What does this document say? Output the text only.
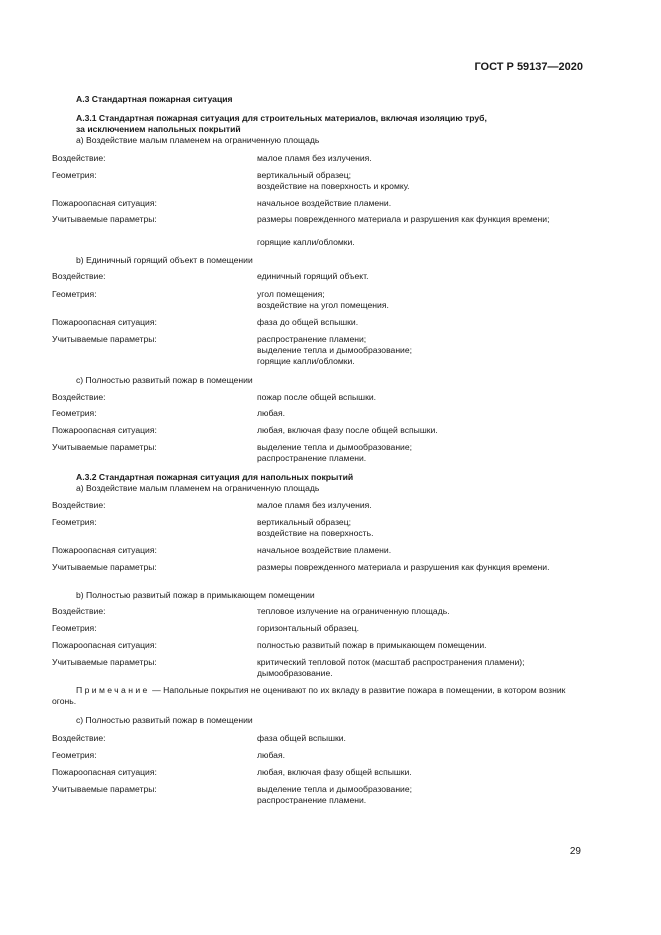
ГОСТ Р 59137—2020
А.3 Стандартная пожарная ситуация
А.3.1 Стандартная пожарная ситуация для строительных материалов, включая изоляцию труб,
за исключением напольных покрытий
а) Воздействие малым пламенем на ограниченную площадь
Воздействие:	малое пламя без излучения.
Геометрия:	вертикальный образец;
воздействие на поверхность и кромку.
Пожароопасная ситуация:	начальное воздействие пламени.
Учитываемые параметры:	размеры поврежденного материала и разрушения как функция времени;
горящие капли/обломки.
b) Единичный горящий объект в помещении
Воздействие:	единичный горящий объект.
Геометрия:	угол помещения;
воздействие на угол помещения.
Пожароопасная ситуация:	фаза до общей вспышки.
Учитываемые параметры:	распространение пламени;
выделение тепла и дымообразование;
горящие капли/обломки.
с) Полностью развитый пожар в помещении
Воздействие:	пожар после общей вспышки.
Геометрия:	любая.
Пожароопасная ситуация:	любая, включая фазу после общей вспышки.
Учитываемые параметры:	выделение тепла и дымообразование;
распространение пламени.
А.3.2 Стандартная пожарная ситуация для напольных покрытий
а) Воздействие малым пламенем на ограниченную площадь
Воздействие:	малое пламя без излучения.
Геометрия:	вертикальный образец;
воздействие на поверхность.
Пожароопасная ситуация:	начальное воздействие пламени.
Учитываемые параметры:	размеры поврежденного материала и разрушения как функция времени.
b) Полностью развитый пожар в примыкающем помещении
Воздействие:	тепловое излучение на ограниченную площадь.
Геометрия:	горизонтальный образец.
Пожароопасная ситуация:	полностью развитый пожар в примыкающем помещении.
Учитываемые параметры:	критический тепловой поток (масштаб распространения пламени); дымообразование.
Примечание — Напольные покрытия не оценивают по их вкладу в развитие пожара в помещении, в котором возник огонь.
с) Полностью развитый пожар в помещении
Воздействие:	фаза общей вспышки.
Геометрия:	любая.
Пожароопасная ситуация:	любая, включая фазу общей вспышки.
Учитываемые параметры:	выделение тепла и дымообразование;
распространение пламени.
29
